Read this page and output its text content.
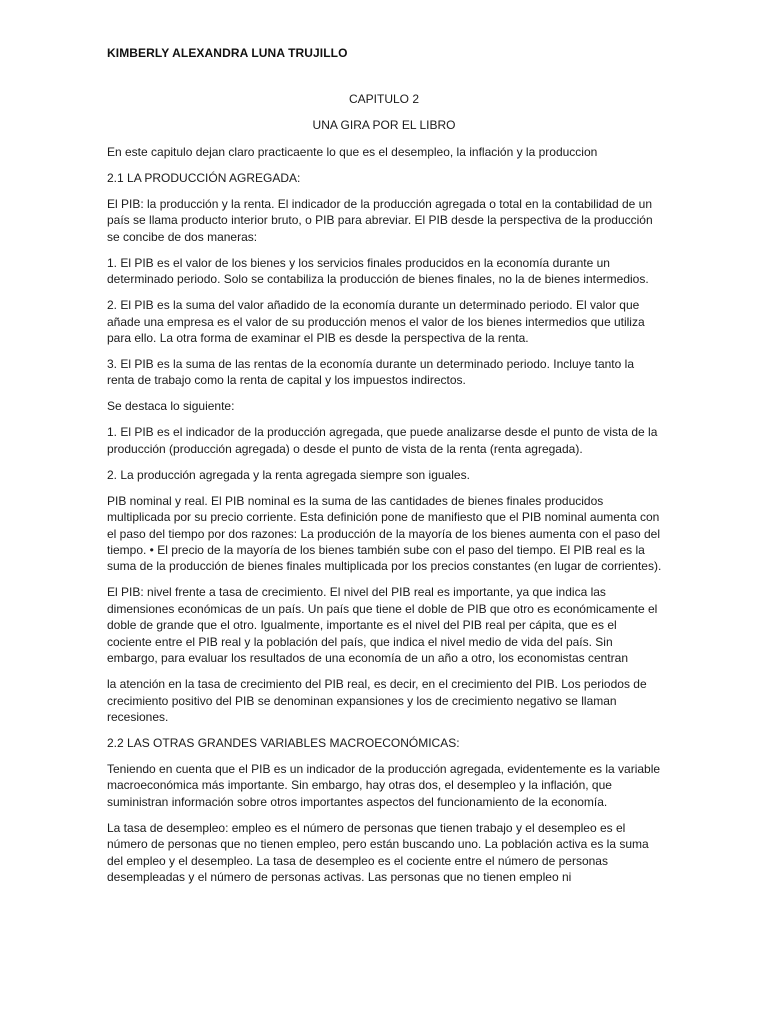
KIMBERLY ALEXANDRA LUNA TRUJILLO
CAPITULO 2
UNA GIRA POR EL LIBRO

En este capitulo dejan claro practicaente lo que es el desempleo, la inflación y la produccion

2.1 LA PRODUCCIÓN AGREGADA:

El PIB: la producción y la renta. El indicador de la producción agregada o total en la contabilidad de un país se llama producto interior bruto, o PIB para abreviar. El PIB desde la perspectiva de la producción se concibe de dos maneras:

1. El PIB es el valor de los bienes y los servicios finales producidos en la economía durante un determinado periodo. Solo se contabiliza la producción de bienes finales, no la de bienes intermedios.

2. El PIB es la suma del valor añadido de la economía durante un determinado periodo. El valor que añade una empresa es el valor de su producción menos el valor de los bienes intermedios que utiliza para ello. La otra forma de examinar el PIB es desde la perspectiva de la renta.

3. El PIB es la suma de las rentas de la economía durante un determinado periodo. Incluye tanto la renta de trabajo como la renta de capital y los impuestos indirectos.

Se destaca lo siguiente:

1. El PIB es el indicador de la producción agregada, que puede analizarse desde el punto de vista de la producción (producción agregada) o desde el punto de vista de la renta (renta agregada).

2. La producción agregada y la renta agregada siempre son iguales.

PIB nominal y real. El PIB nominal es la suma de las cantidades de bienes finales producidos multiplicada por su precio corriente. Esta definición pone de manifiesto que el PIB nominal aumenta con el paso del tiempo por dos razones: La producción de la mayoría de los bienes aumenta con el paso del tiempo. • El precio de la mayoría de los bienes también sube con el paso del tiempo. El PIB real es la suma de la producción de bienes finales multiplicada por los precios constantes (en lugar de corrientes).

El PIB: nivel frente a tasa de crecimiento. El nivel del PIB real es importante, ya que indica las dimensiones económicas de un país. Un país que tiene el doble de PIB que otro es económicamente el doble de grande que el otro. Igualmente, importante es el nivel del PIB real per cápita, que es el cociente entre el PIB real y la población del país, que indica el nivel medio de vida del país. Sin embargo, para evaluar los resultados de una economía de un año a otro, los economistas centran

la atención en la tasa de crecimiento del PIB real, es decir, en el crecimiento del PIB. Los periodos de crecimiento positivo del PIB se denominan expansiones y los de crecimiento negativo se llaman recesiones.

2.2 LAS OTRAS GRANDES VARIABLES MACROECONÓMICAS:

Teniendo en cuenta que el PIB es un indicador de la producción agregada, evidentemente es la variable macroeconómica más importante. Sin embargo, hay otras dos, el desempleo y la inflación, que suministran información sobre otros importantes aspectos del funcionamiento de la economía.

La tasa de desempleo: empleo es el número de personas que tienen trabajo y el desempleo es el número de personas que no tienen empleo, pero están buscando uno. La población activa es la suma del empleo y el desempleo. La tasa de desempleo es el cociente entre el número de personas desempleadas y el número de personas activas. Las personas que no tienen empleo ni
